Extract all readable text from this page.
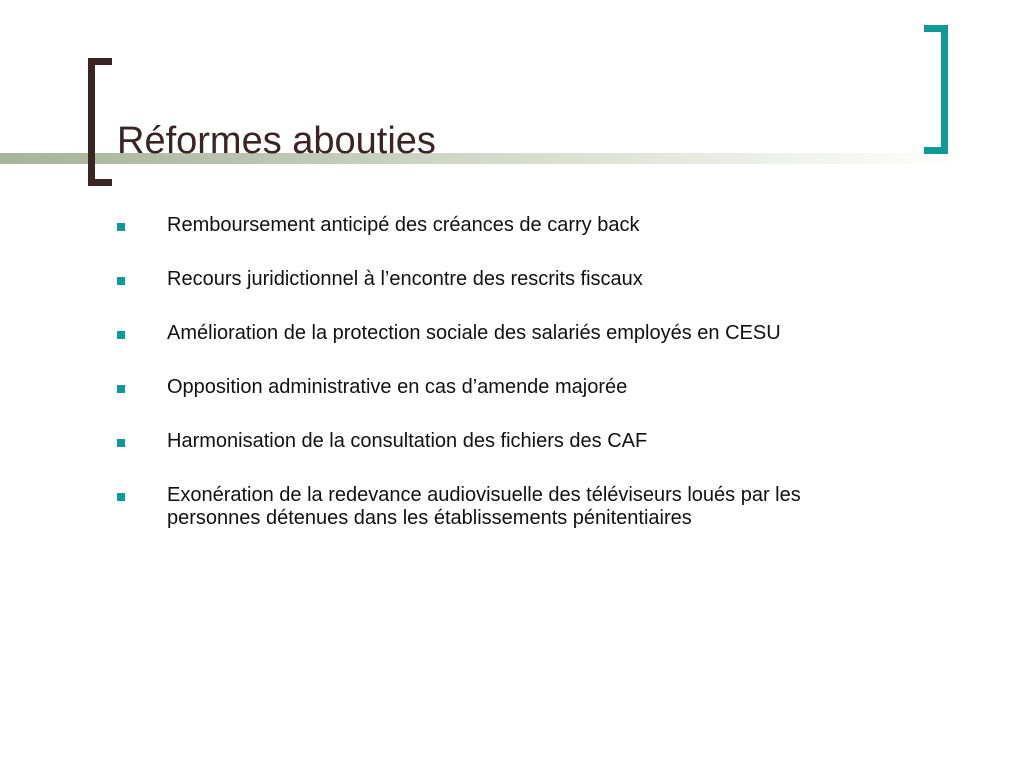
Réformes abouties
Remboursement anticipé des créances de carry back
Recours juridictionnel à l’encontre des rescrits fiscaux
Amélioration de la protection sociale des salariés employés en CESU
Opposition administrative en cas d’amende majorée
Harmonisation de la consultation des fichiers des CAF
Exonération de la redevance audiovisuelle des téléviseurs loués par les personnes détenues dans les établissements pénitentiaires
